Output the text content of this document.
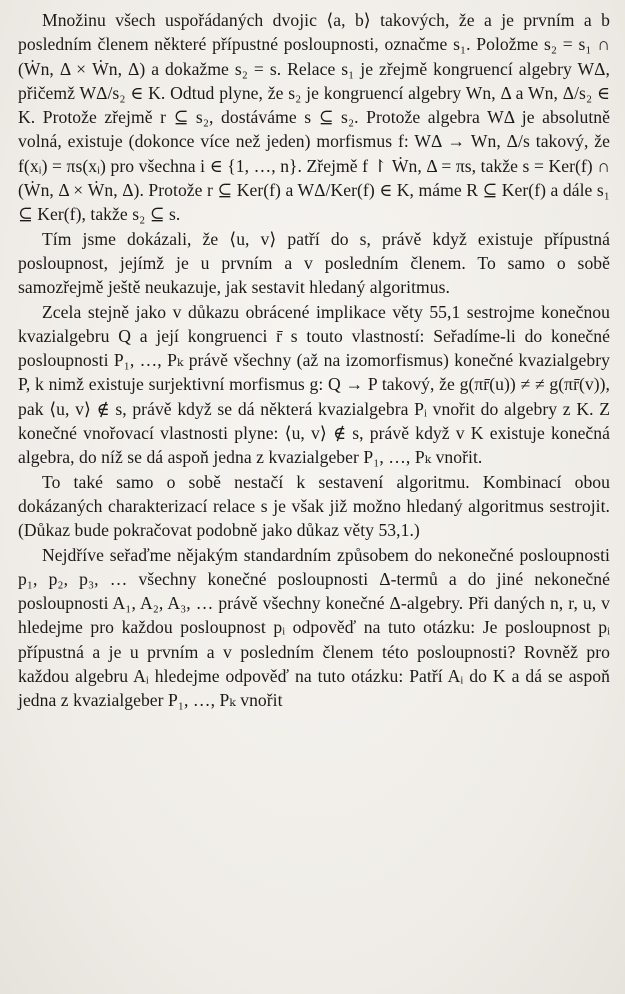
Množinu všech uspořádaných dvojic ⟨a, b⟩ takových, že a je prvním a b posledním členem některé přípustné posloupnosti, označme s₁. Položme s₂ = s₁ ∩ (Ẇn, Δ × Ẇn, Δ) a dokažme s₂ = s. Relace s₁ je zřejmě kongruencí algebry WΔ, přičemž WΔ/s₂ ∈ K. Odtud plyne, že s₂ je kongruencí algebry Wn, Δ a Wn, Δ/s₂ ∈ K. Protože zřejmě r ⊆ s₂, dostáváme s ⊆ s₂. Protože algebra WΔ je absolutně volná, existuje (dokonce více než jeden) morfismus f: WΔ → Wn, Δ/s takový, že f(xᵢ) = πs(xᵢ) pro všechna i ∈ {1, …, n}. Zřejmě f ↾ Ẇn, Δ = πs, takže s = Ker(f) ∩ (Ẇn, Δ × Ẇn, Δ). Protože r ⊆ Ker(f) a WΔ/Ker(f) ∈ K, máme R ⊆ Ker(f) a dále s₁ ⊆ Ker(f), takže s₂ ⊆ s.

Tím jsme dokázali, že ⟨u, v⟩ patří do s, právě když existuje přípustná posloupnost, jejímž je u prvním a v posledním členem. To samo o sobě samozřejmě ještě neukazuje, jak sestavit hledaný algoritmus.

Zcela stejně jako v důkazu obrácené implikace věty 55,1 sestrojme konečnou kvazialgebru Q a její kongruenci r̄ s touto vlastností: Seřadíme-li do konečné posloupnosti P₁, …, Pₖ právě všechny (až na izomorfismus) konečné kvazialgebry P, k nimž existuje surjektivní morfismus g: Q → P takový, že g(πr̄(u)) ≠ ≠ g(πr̄(v)), pak ⟨u, v⟩ ∉ s, právě když se dá některá kvazialgebra Pᵢ vnořit do algebry z K. Z konečné vnořovací vlastnosti plyne: ⟨u, v⟩ ∉ s, právě když v K existuje konečná algebra, do níž se dá aspoň jedna z kvazialgeber P₁, …, Pₖ vnořit.

To také samo o sobě nestačí k sestavení algoritmu. Kombinací obou dokázaných charakterizací relace s je však již možno hledaný algoritmus sestrojit. (Důkaz bude pokračovat podobně jako důkaz věty 53,1.)

Nejdříve seřaďme nějakým standardním způsobem do nekonečné posloupnosti p₁, p₂, p₃, … všechny konečné posloupnosti Δ-termů a do jiné nekonečné posloupnosti A₁, A₂, A₃, … právě všechny konečné Δ-algebry. Při daných n, r, u, v hledejme pro každou posloupnost pᵢ odpověď na tuto otázku: Je posloupnost pᵢ přípustná a je u prvním a v posledním členem této posloupnosti? Rovněž pro každou algebru Aᵢ hledejme odpověď na tuto otázku: Patří Aᵢ do K a dá se aspoň jedna z kvazialgeber P₁, …, Pₖ vnořit
